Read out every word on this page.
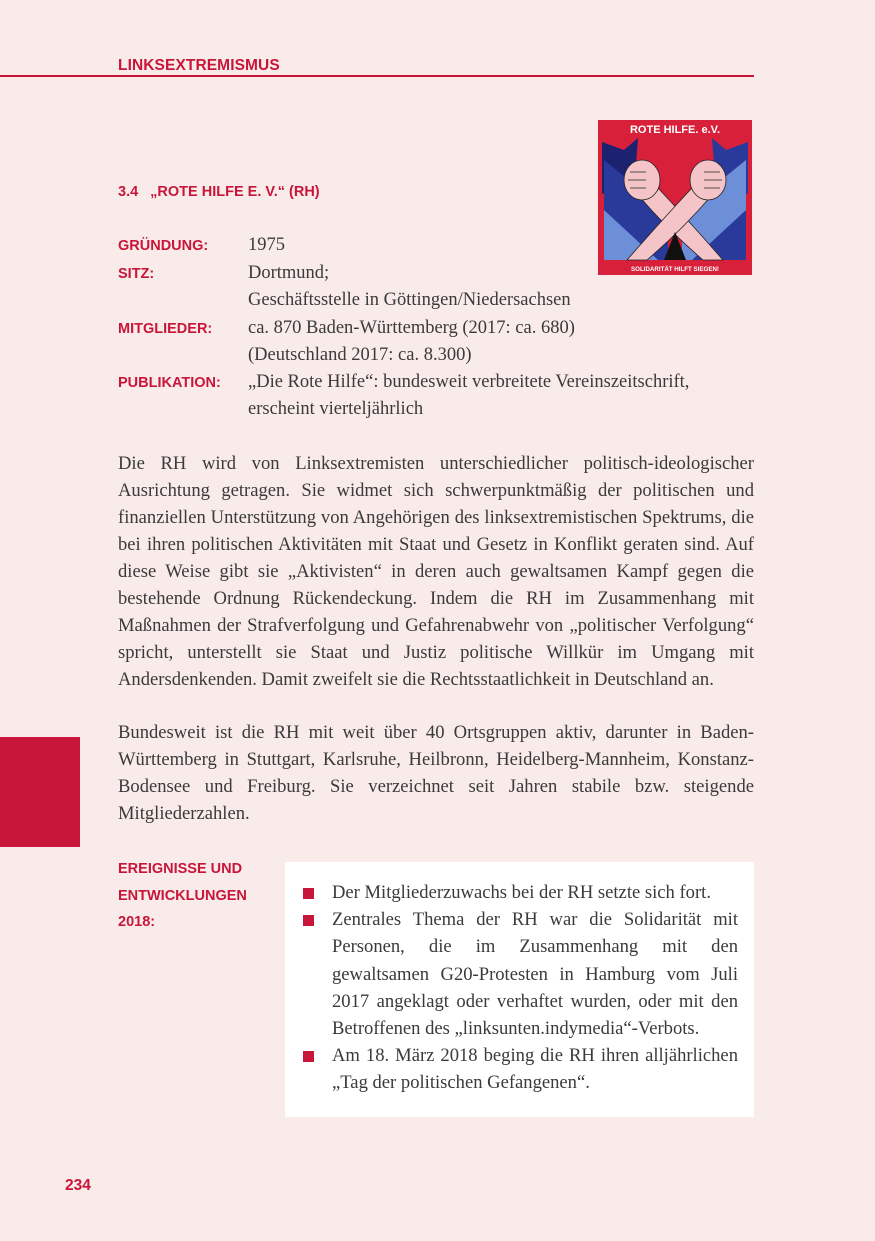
LINKSEXTREMISMUS
ROTE HILFE. e.V.
SOLIDARITÄT HILFT SIEGEN!
3.4 „ROTE HILFE E. V.“ (RH)
GRÜNDUNG:	1975
SITZ:	Dortmund;
Geschäftsstelle in Göttingen/Niedersachsen
MITGLIEDER:	ca. 870 Baden-Württemberg (2017: ca. 680)
(Deutschland 2017: ca. 8.300)
PUBLIKATION:	„Die Rote Hilfe“: bundesweit verbreitete Vereinszeitschrift,
erscheint vierteljährlich

Die RH wird von Linksextremisten unterschiedlicher politisch-ideologischer Ausrichtung getragen. Sie widmet sich schwerpunktmäßig der politischen und finanziellen Unterstützung von Angehörigen des linksextremistischen Spektrums, die bei ihren politischen Aktivitäten mit Staat und Gesetz in Konflikt geraten sind. Auf diese Weise gibt sie „Aktivisten“ in deren auch gewaltsamen Kampf gegen die bestehende Ordnung Rückendeckung. Indem die RH im Zusammenhang mit Maßnahmen der Strafverfolgung und Gefahrenabwehr von „politischer Verfolgung“ spricht, unterstellt sie Staat und Justiz politische Willkür im Umgang mit Andersdenkenden. Damit zweifelt sie die Rechtsstaatlichkeit in Deutschland an.

Bundesweit ist die RH mit weit über 40 Ortsgruppen aktiv, darunter in Baden-Württemberg in Stuttgart, Karlsruhe, Heilbronn, Heidelberg-Mannheim, Konstanz-Bodensee und Freiburg. Sie verzeichnet seit Jahren stabile bzw. steigende Mitgliederzahlen.

EREIGNISSE UND
ENTWICKLUNGEN
2018:
Der Mitgliederzuwachs bei der RH setzte sich fort.
Zentrales Thema der RH war die Solidarität mit Personen, die im Zusammenhang mit den gewaltsamen G20-Protesten in Hamburg vom Juli 2017 angeklagt oder verhaftet wurden, oder mit den Betroffenen des „linksunten.indymedia“-Verbots.
Am 18. März 2018 beging die RH ihren alljährlichen „Tag der politischen Gefangenen“.
234
